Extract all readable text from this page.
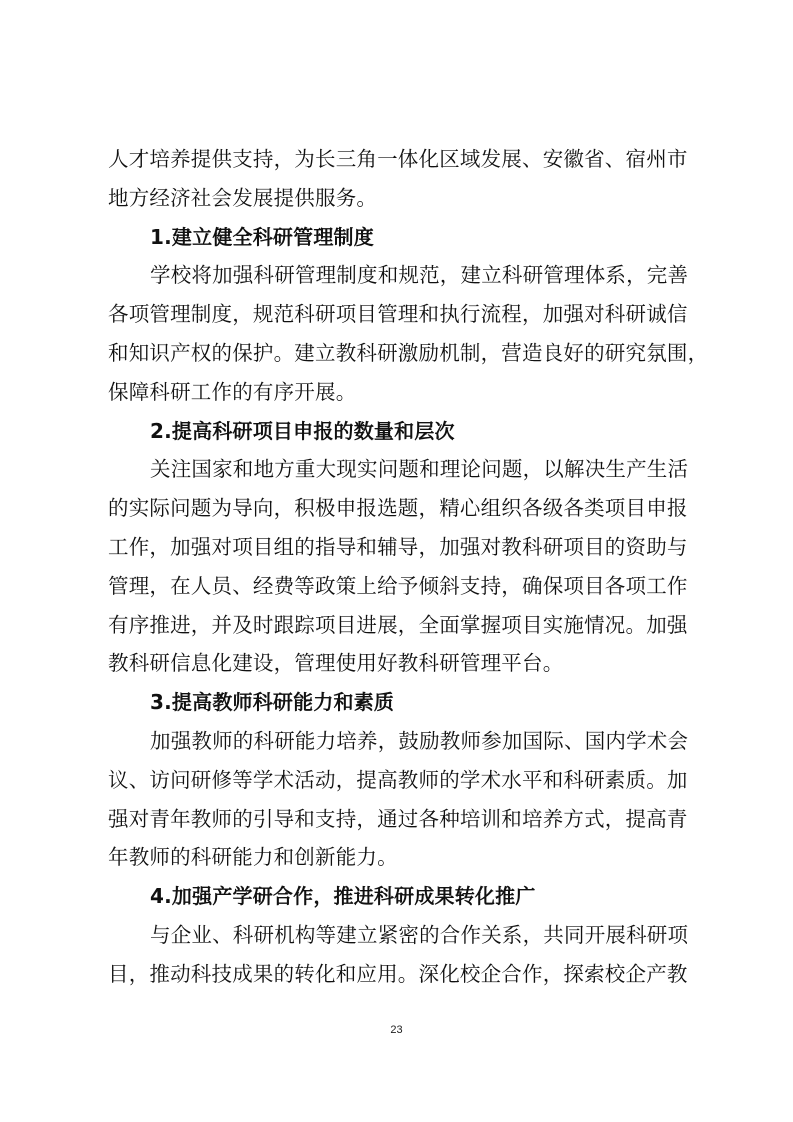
人才培养提供支持，为长三角一体化区域发展、安徽省、宿州市
地方经济社会发展提供服务。
1.建立健全科研管理制度
学校将加强科研管理制度和规范，建立科研管理体系，完善
各项管理制度，规范科研项目管理和执行流程，加强对科研诚信
和知识产权的保护。建立教科研激励机制，营造良好的研究氛围，
保障科研工作的有序开展。
2.提高科研项目申报的数量和层次
关注国家和地方重大现实问题和理论问题，以解决生产生活
的实际问题为导向，积极申报选题，精心组织各级各类项目申报
工作，加强对项目组的指导和辅导，加强对教科研项目的资助与
管理，在人员、经费等政策上给予倾斜支持，确保项目各项工作
有序推进，并及时跟踪项目进展，全面掌握项目实施情况。加强
教科研信息化建设，管理使用好教科研管理平台。
3.提高教师科研能力和素质
加强教师的科研能力培养，鼓励教师参加国际、国内学术会
议、访问研修等学术活动，提高教师的学术水平和科研素质。加
强对青年教师的引导和支持，通过各种培训和培养方式，提高青
年教师的科研能力和创新能力。
4.加强产学研合作，推进科研成果转化推广
与企业、科研机构等建立紧密的合作关系，共同开展科研项
目，推动科技成果的转化和应用。深化校企合作，探索校企产教
23
